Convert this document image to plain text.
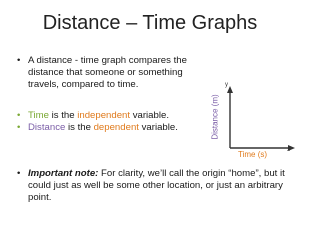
Distance – Time Graphs
• A distance - time graph compares the distance that someone or something travels, compared to time.
• Time is the independent variable.
• Distance is the dependent variable.
• Important note: For clarity, we’ll call the origin “home”, but it could just as well be some other location, or just an arbitrary point.
Distance (m)
Time (s)
y
x
